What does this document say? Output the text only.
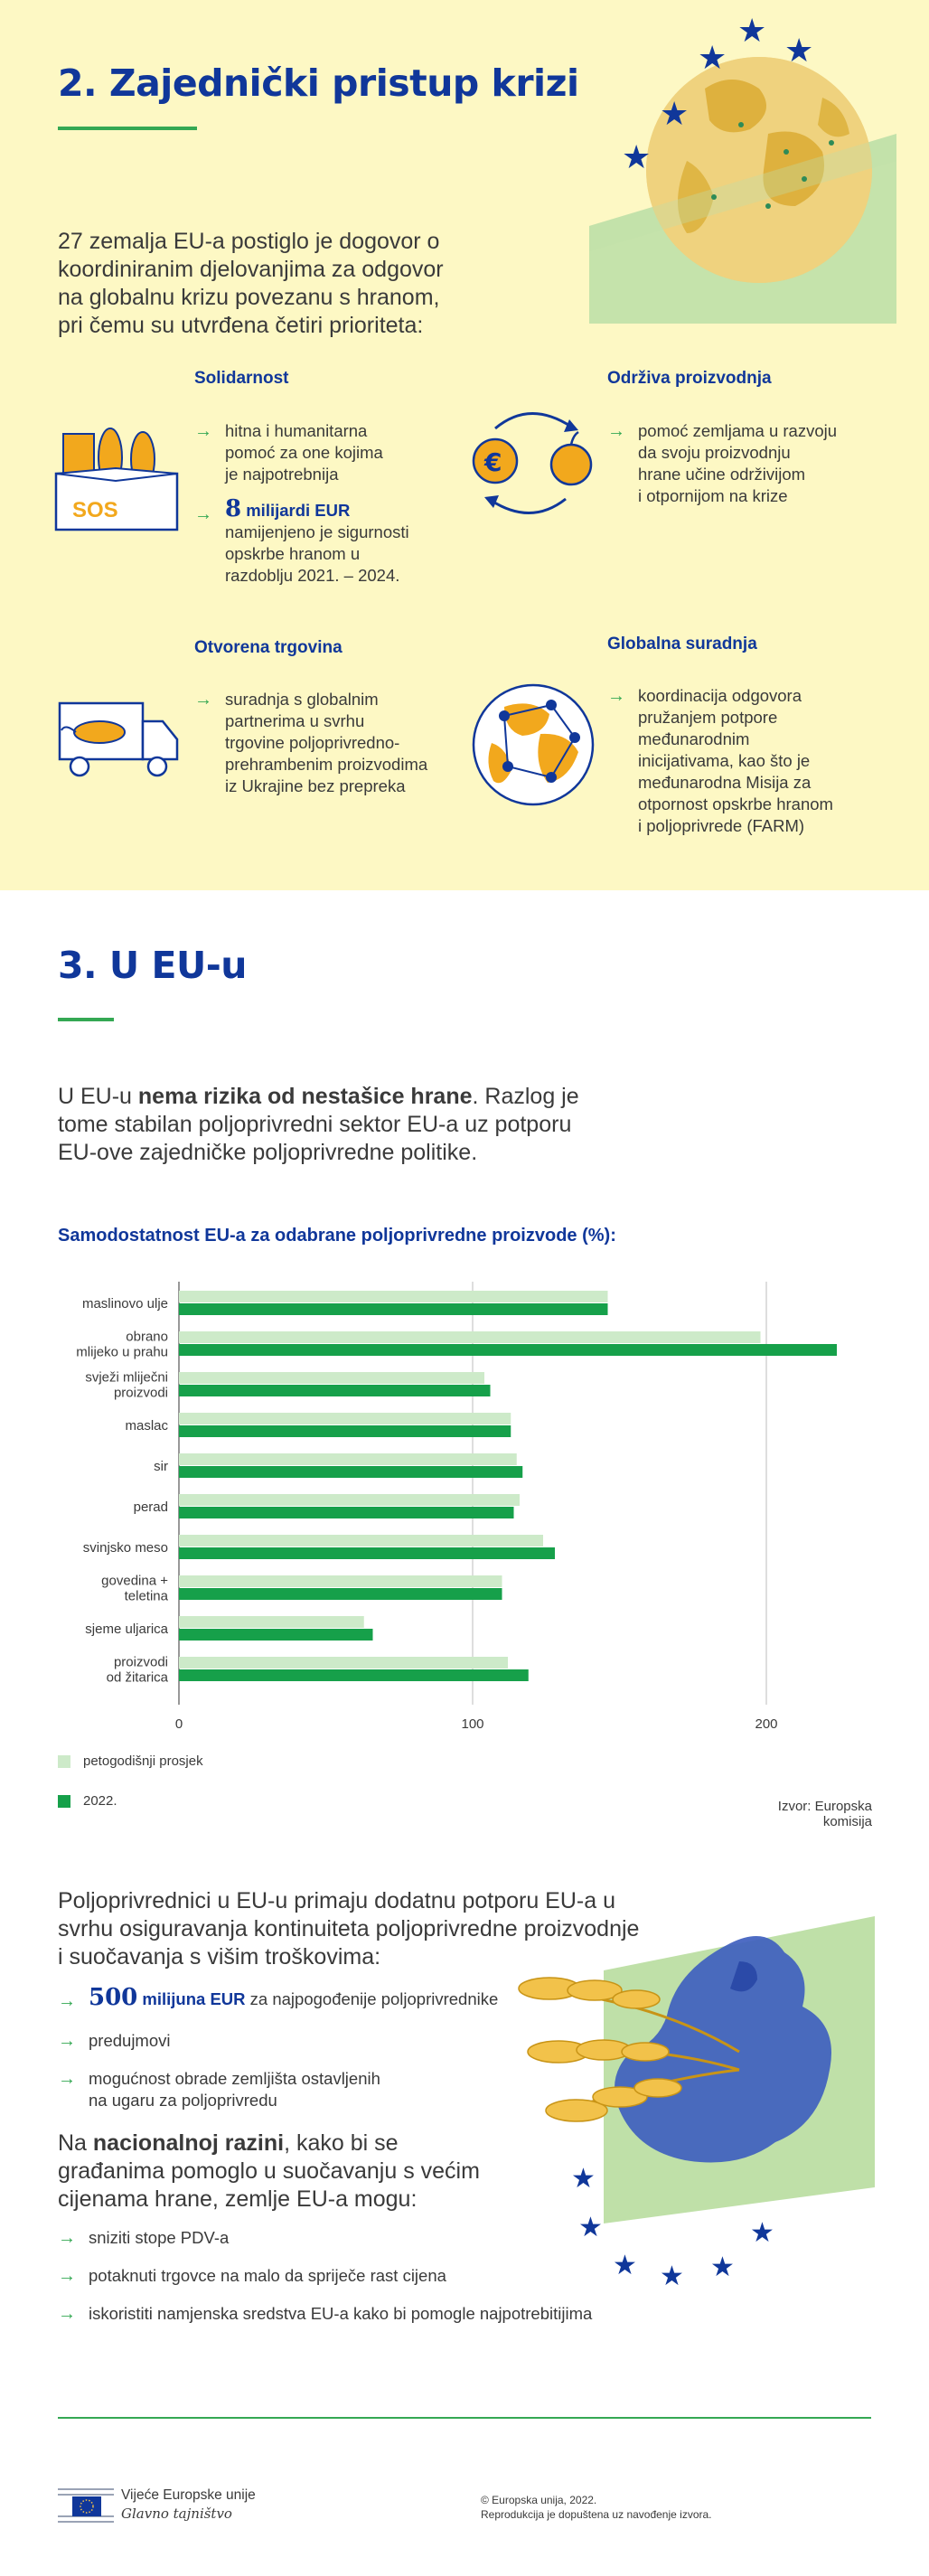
2. Zajednički pristup krizi
★
★
★
★
★
27 zemalja EU-a postiglo je dogovor o
koordiniranim djelovanjima za odgovor
na globalnu krizu povezanu s hranom,
pri čemu su utvrđena četiri prioriteta:
Solidarnost
SOS
→ hitna i humanitarna
pomoć za one kojima
je najpotrebnija
→ 8 milijardi EUR
namijenjeno je sigurnosti
opskrbe hranom u
razdoblju 2021. – 2024.
Održiva proizvodnja
€
→ pomoć zemljama u razvoju
da svoju proizvodnju
hrane učine održivijom
i otpornijom na krize
Otvorena trgovina
→ suradnja s globalnim
partnerima u svrhu
trgovine poljoprivredno-
prehrambenim proizvodima
iz Ukrajine bez prepreka
Globalna suradnja
→ koordinacija odgovora
pružanjem potpore
međunarodnim
inicijativama, kao što je
međunarodna Misija za
otpornost opskrbe hranom
i poljoprivrede (FARM)
3. U EU-u
U EU-u nema rizika od nestašice hrane. Razlog je
tome stabilan poljoprivredni sektor EU-a uz potporu
EU-ove zajedničke poljoprivredne politike.
Samodostatnost EU-a za odabrane poljoprivredne proizvode (%):
0	100	200
maslinovo ulje
obrano
mlijeko u prahu
svježi mliječni
proizvodi
maslac
sir
perad
svinjsko meso
govedina +
teletina
sjeme uljarica
proizvodi
od žitarica
petogodišnji prosjek
2022.	Izvor: Europska komisija
Poljoprivrednici u EU-u primaju dodatnu potporu EU-a u
svrhu osiguravanja kontinuiteta poljoprivredne proizvodnje
i suočavanja s višim troškovima:
★
★
★ ★ ★
★
→ 500 milijuna EUR za najpogođenije poljoprivrednike
→ predujmovi
→ mogućnost obrade zemljišta ostavljenih
na ugaru za poljoprivredu
Na nacionalnoj razini, kako bi se
građanima pomoglo u suočavanju s većim
cijenama hrane, zemlje EU-a mogu:
→ sniziti stope PDV-a
→ potaknuti trgovce na malo da spriječe rast cijena
→ iskoristiti namjenska sredstva EU-a kako bi pomogle najpotrebitijima
Vijeće Europske unije
Glavno tajništvo
© Europska unija, 2022.
Reprodukcija je dopuštena uz navođenje izvora.
